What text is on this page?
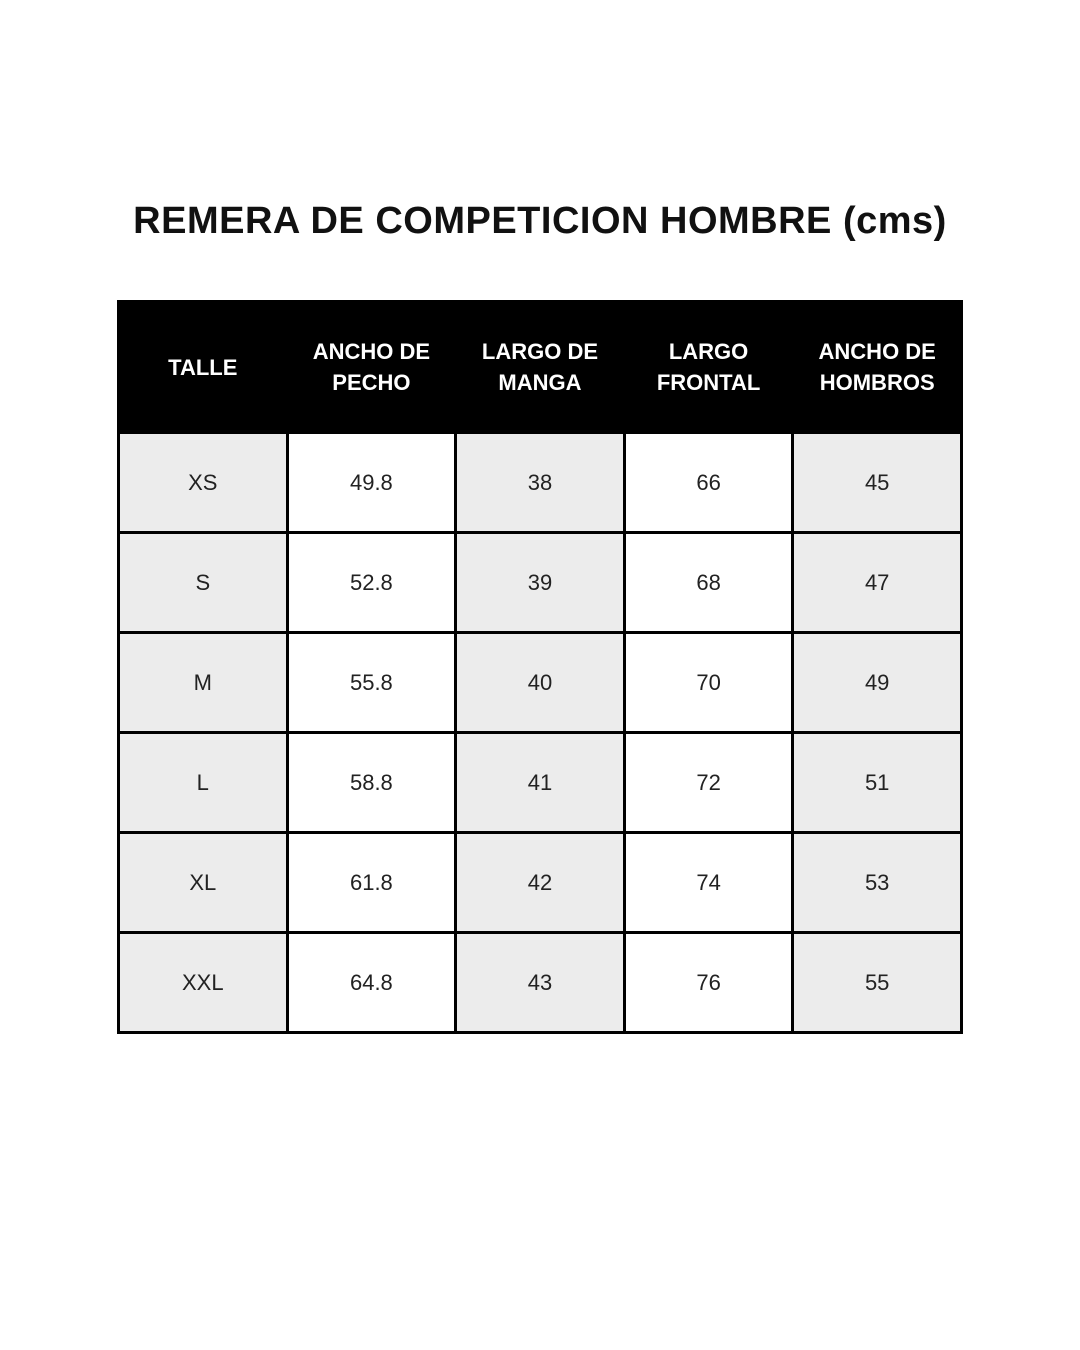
REMERA DE COMPETICION HOMBRE (cms)
TALLE	ANCHO DE PECHO	LARGO DE MANGA	LARGO FRONTAL	ANCHO DE HOMBROS
XS	49.8	38	66	45
S	52.8	39	68	47
M	55.8	40	70	49
L	58.8	41	72	51
XL	61.8	42	74	53
XXL	64.8	43	76	55
